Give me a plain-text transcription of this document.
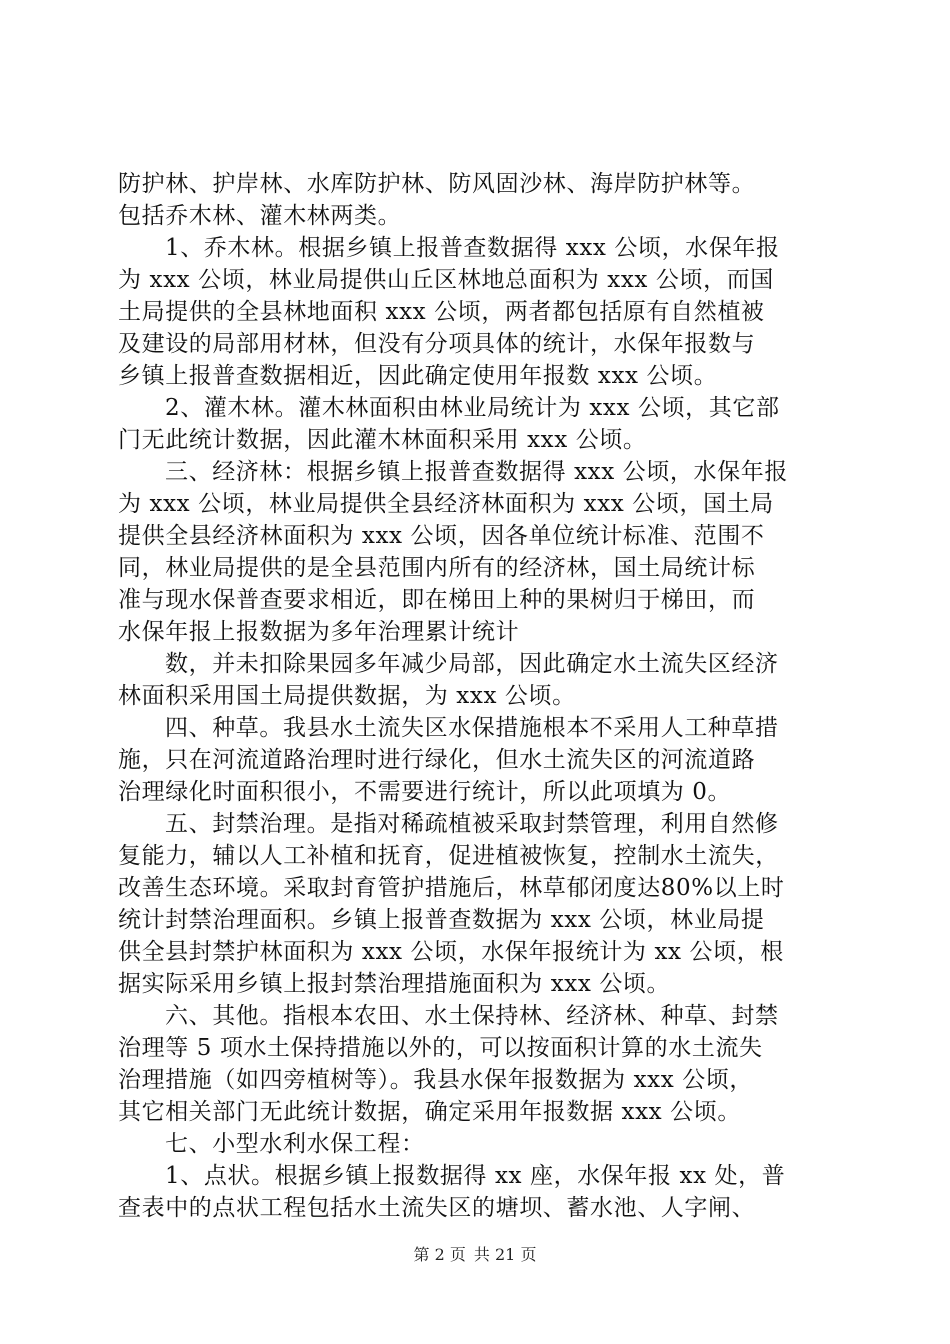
防护林、护岸林、水库防护林、防风固沙林、海岸防护林等。
包括乔木林、灌木林两类。
1、乔木林。根据乡镇上报普查数据得 xxx 公顷，水保年报
为 xxx 公顷，林业局提供山丘区林地总面积为 xxx 公顷，而国
土局提供的全县林地面积 xxx 公顷，两者都包括原有自然植被
及建设的局部用材林，但没有分项具体的统计，水保年报数与
乡镇上报普查数据相近，因此确定使用年报数 xxx 公顷。
2、灌木林。灌木林面积由林业局统计为 xxx 公顷，其它部
门无此统计数据，因此灌木林面积采用 xxx 公顷。
三、经济林：根据乡镇上报普查数据得 xxx 公顷，水保年报
为 xxx 公顷，林业局提供全县经济林面积为 xxx 公顷，国土局
提供全县经济林面积为 xxx 公顷，因各单位统计标准、范围不
同，林业局提供的是全县范围内所有的经济林，国土局统计标
准与现水保普查要求相近，即在梯田上种的果树归于梯田，而
水保年报上报数据为多年治理累计统计
数，并未扣除果园多年减少局部，因此确定水土流失区经济
林面积采用国土局提供数据，为 xxx 公顷。
四、种草。我县水土流失区水保措施根本不采用人工种草措
施，只在河流道路治理时进行绿化，但水土流失区的河流道路
治理绿化时面积很小，不需要进行统计，所以此项填为 0。
五、封禁治理。是指对稀疏植被采取封禁管理，利用自然修
复能力，辅以人工补植和抚育，促进植被恢复，控制水土流失，
改善生态环境。采取封育管护措施后，林草郁闭度达80%以上时
统计封禁治理面积。乡镇上报普查数据为 xxx 公顷，林业局提
供全县封禁护林面积为 xxx 公顷，水保年报统计为 xx 公顷，根
据实际采用乡镇上报封禁治理措施面积为 xxx 公顷。
六、其他。指根本农田、水土保持林、经济林、种草、封禁
治理等 5 项水土保持措施以外的，可以按面积计算的水土流失
治理措施（如四旁植树等）。我县水保年报数据为 xxx 公顷，
其它相关部门无此统计数据，确定采用年报数据 xxx 公顷。
七、小型水利水保工程：
1、点状。根据乡镇上报数据得 xx 座，水保年报 xx 处，普
查表中的点状工程包括水土流失区的塘坝、蓄水池、人字闸、
第 2 页 共 21 页
